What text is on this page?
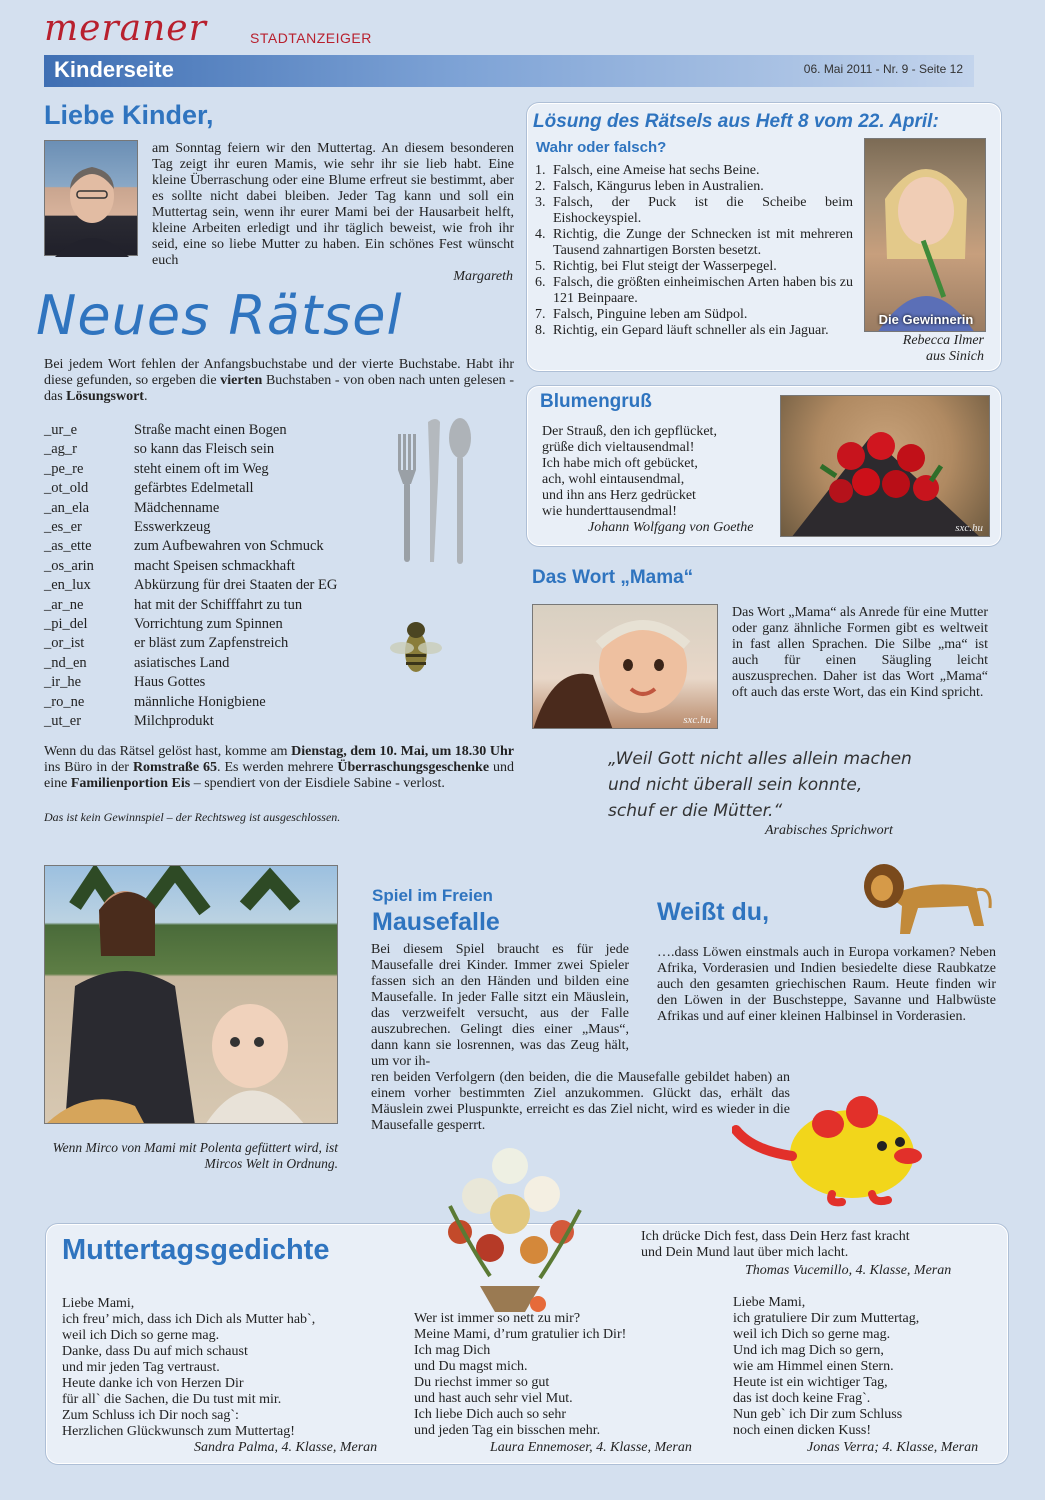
meraner	STADTANZEIGER
Kinderseite	06. Mai 2011 - Nr. 9 - Seite 12
Liebe Kinder,
am Sonntag feiern wir den Muttertag. An diesem besonderen Tag zeigt ihr euren Mamis, wie sehr ihr sie lieb habt. Eine kleine Überraschung oder eine Blume erfreut sie bestimmt, aber es sollte nicht dabei bleiben. Jeder Tag kann und soll ein Muttertag sein, wenn ihr eurer Mami bei der Hausarbeit helft, kleine Arbeiten erledigt und ihr täglich beweist, wie froh ihr seid, eine so liebe Mutter zu haben. Ein schönes Fest wünscht euch
Margareth
Neues Rätsel
Bei jedem Wort fehlen der Anfangsbuchstabe und der vierte Buchstabe. Habt ihr diese gefunden, so ergeben die vierten Buchstaben - von oben nach unten gelesen - das Lösungswort.
_ur_e	Straße macht einen Bogen
_ag_r	so kann das Fleisch sein
_pe_re	steht einem oft im Weg
_ot_old	gefärbtes Edelmetall
_an_ela	Mädchenname
_es_er	Esswerkzeug
_as_ette	zum Aufbewahren von Schmuck
_os_arin	macht Speisen schmackhaft
_en_lux	Abkürzung für drei Staaten der EG
_ar_ne	hat mit der Schifffahrt zu tun
_pi_del	Vorrichtung zum Spinnen
_or_ist	er bläst zum Zapfenstreich
_nd_en	asiatisches Land
_ir_he	Haus Gottes
_ro_ne	männliche Honigbiene
_ut_er	Milchprodukt
Wenn du das Rätsel gelöst hast, komme am Dienstag, dem 10. Mai, um 18.30 Uhr ins Büro in der Romstraße 65. Es werden mehrere Überraschungsgeschenke und eine Familienportion Eis – spendiert von der Eisdiele Sabine - verlost.
Das ist kein Gewinnspiel – der Rechtsweg ist ausgeschlossen.
Lösung des Rätsels aus Heft 8 vom 22. April:
Wahr oder falsch?
1. Falsch, eine Ameise hat sechs Beine.
2. Falsch, Kängurus leben in Australien.
3. Falsch, der Puck ist die Scheibe beim Eishockeyspiel.
4. Richtig, die Zunge der Schnecken ist mit mehreren Tausend zahnartigen Borsten besetzt.
5. Richtig, bei Flut steigt der Wasserpegel.
6. Falsch, die größten einheimischen Arten haben bis zu 121 Beinpaare.
7. Falsch, Pinguine leben am Südpol.
8. Richtig, ein Gepard läuft schneller als ein Jaguar.
Die Gewinnerin
Rebecca Ilmer
aus Sinich
Blumengruß
Der Strauß, den ich gepflücket,
grüße dich vieltausendmal!
Ich habe mich oft gebücket,
ach, wohl eintausendmal,
und ihn ans Herz gedrücket
wie hunderttausendmal!
Johann Wolfgang von Goethe	sxc.hu
Das Wort „Mama“
sxc.hu
Das Wort „Mama“ als Anrede für eine Mutter oder ganz ähnliche Formen gibt es weltweit in fast allen Sprachen. Die Silbe „ma“ ist auch für einen Säugling leicht auszusprechen. Daher ist das Wort „Mama“ oft auch das erste Wort, das ein Kind spricht.
„Weil Gott nicht alles allein machen
und nicht überall sein konnte,
schuf er die Mütter.“
Arabisches Sprichwort
Wenn Mirco von Mami mit Polenta gefüttert wird, ist Mircos Welt in Ordnung.
Spiel im Freien
Mausefalle
Bei diesem Spiel braucht es für jede Mausefalle drei Kinder. Immer zwei Spieler fassen sich an den Händen und bilden eine Mausefalle. In jeder Falle sitzt ein Mäuslein, das verzweifelt versucht, aus der Falle auszubrechen. Gelingt dies einer „Maus“, dann kann sie losrennen, was das Zeug hält, um vor ih-
ren beiden Verfolgern (den beiden, die die Mausefalle gebildet haben) an einem vorher bestimmten Ziel anzukommen. Glückt das, erhält das Mäuslein zwei Pluspunkte, erreicht es das Ziel nicht, wird es wieder in die Mausefalle gesperrt.
Weißt du,
….dass Löwen einstmals auch in Europa vorkamen? Neben Afrika, Vorderasien und Indien besiedelte diese Raubkatze auch den gesamten griechischen Raum. Heute finden wir den Löwen in der Buschsteppe, Savanne und Halbwüste Afrikas und auf einer kleinen Halbinsel in Vorderasien.
Muttertagsgedichte	Ich drücke Dich fest, dass Dein Herz fast kracht
und Dein Mund laut über mich lacht.
Thomas Vucemillo, 4. Klasse, Meran
Liebe Mami,
ich freu’ mich, dass ich Dich als Mutter hab`,
weil ich Dich so gerne mag.
Danke, dass Du auf mich schaust
und mir jeden Tag vertraust.
Heute danke ich von Herzen Dir
für all` die Sachen, die Du tust mit mir.
Zum Schluss ich Dir noch sag`:
Herzlichen Glückwunsch zum Muttertag!
Sandra Palma, 4. Klasse, Meran
Wer ist immer so nett zu mir?
Meine Mami, d’rum gratulier ich Dir!
Ich mag Dich
und Du magst mich.
Du riechst immer so gut
und hast auch sehr viel Mut.
Ich liebe Dich auch so sehr
und jeden Tag ein bisschen mehr.
Laura Ennemoser, 4. Klasse, Meran
Liebe Mami,
ich gratuliere Dir zum Muttertag,
weil ich Dich so gerne mag.
Und ich mag Dich so gern,
wie am Himmel einen Stern.
Heute ist ein wichtiger Tag,
das ist doch keine Frag`.
Nun geb` ich Dir zum Schluss
noch einen dicken Kuss!
Jonas Verra; 4. Klasse, Meran
